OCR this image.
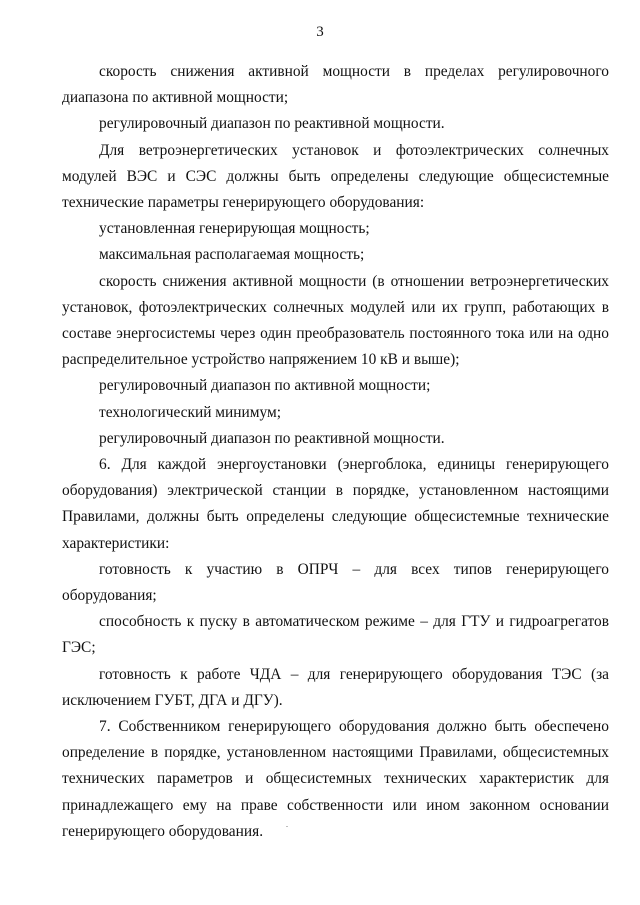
3

скорость снижения активной мощности в пределах регулировочного диапазона по активной мощности;

регулировочный диапазон по реактивной мощности.

Для ветроэнергетических установок и фотоэлектрических солнечных модулей ВЭС и СЭС должны быть определены следующие общесистемные технические параметры генерирующего оборудования:

установленная генерирующая мощность;

максимальная располагаемая мощность;

скорость снижения активной мощности (в отношении ветроэнергетических установок, фотоэлектрических солнечных модулей или их групп, работающих в составе энергосистемы через один преобразователь постоянного тока или на одно распределительное устройство напряжением 10 кВ и выше);

регулировочный диапазон по активной мощности;

технологический минимум;

регулировочный диапазон по реактивной мощности.

6. Для каждой энергоустановки (энергоблока, единицы генерирующего оборудования) электрической станции в порядке, установленном настоящими Правилами, должны быть определены следующие общесистемные технические характеристики:

готовность к участию в ОПРЧ – для всех типов генерирующего оборудования;

способность к пуску в автоматическом режиме – для ГТУ и гидроагрегатов ГЭС;

готовность к работе ЧДА – для генерирующего оборудования ТЭС (за исключением ГУБТ, ДГА и ДГУ).

7. Собственником генерирующего оборудования должно быть обеспечено определение в порядке, установленном настоящими Правилами, общесистемных технических параметров и общесистемных технических характеристик для принадлежащего ему на праве собственности или ином законном основании генерирующего оборудования.
